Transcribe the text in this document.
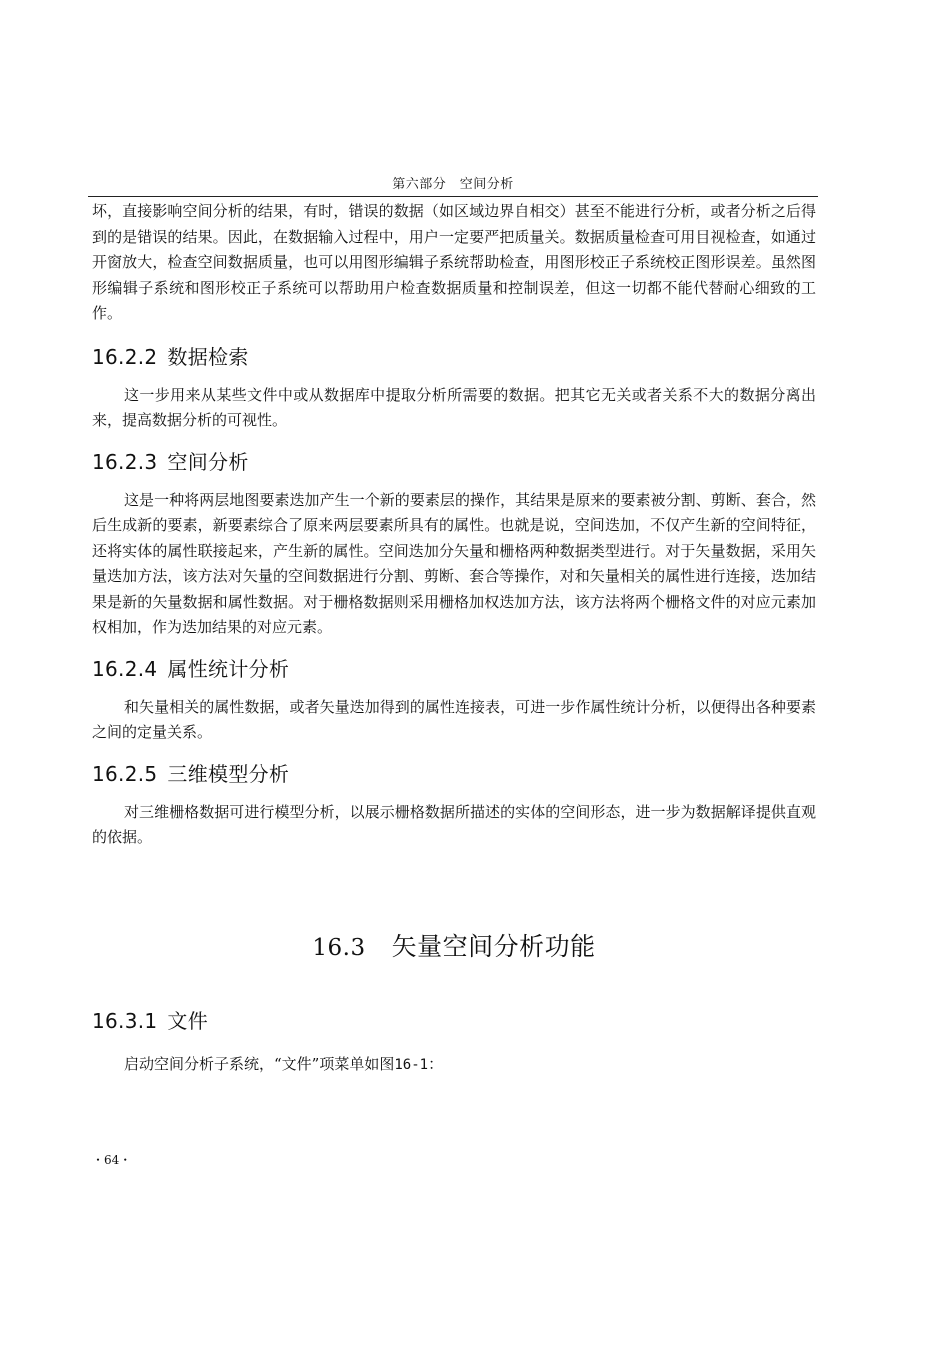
第六部分　空间分析

坏，直接影响空间分析的结果，有时，错误的数据（如区域边界自相交）甚至不能进行分析，或者分析之后得到的是错误的结果。因此，在数据输入过程中，用户一定要严把质量关。数据质量检查可用目视检查，如通过开窗放大，检查空间数据质量，也可以用图形编辑子系统帮助检查，用图形校正子系统校正图形误差。虽然图形编辑子系统和图形校正子系统可以帮助用户检查数据质量和控制误差，但这一切都不能代替耐心细致的工作。

16.2.2 数据检索

这一步用来从某些文件中或从数据库中提取分析所需要的数据。把其它无关或者关系不大的数据分离出来，提高数据分析的可视性。

16.2.3 空间分析

这是一种将两层地图要素迭加产生一个新的要素层的操作，其结果是原来的要素被分割、剪断、套合，然后生成新的要素，新要素综合了原来两层要素所具有的属性。也就是说，空间迭加，不仅产生新的空间特征，还将实体的属性联接起来，产生新的属性。空间迭加分矢量和栅格两种数据类型进行。对于矢量数据，采用矢量迭加方法，该方法对矢量的空间数据进行分割、剪断、套合等操作，对和矢量相关的属性进行连接，迭加结果是新的矢量数据和属性数据。对于栅格数据则采用栅格加权迭加方法，该方法将两个栅格文件的对应元素加权相加，作为迭加结果的对应元素。

16.2.4 属性统计分析

和矢量相关的属性数据，或者矢量迭加得到的属性连接表，可进一步作属性统计分析，以便得出各种要素之间的定量关系。

16.2.5 三维模型分析

对三维栅格数据可进行模型分析，以展示栅格数据所描述的实体的空间形态，进一步为数据解译提供直观的依据。

16.3 矢量空间分析功能
16.3.1 文件

启动空间分析子系统，“文件”项菜单如图16-1：

・64・
